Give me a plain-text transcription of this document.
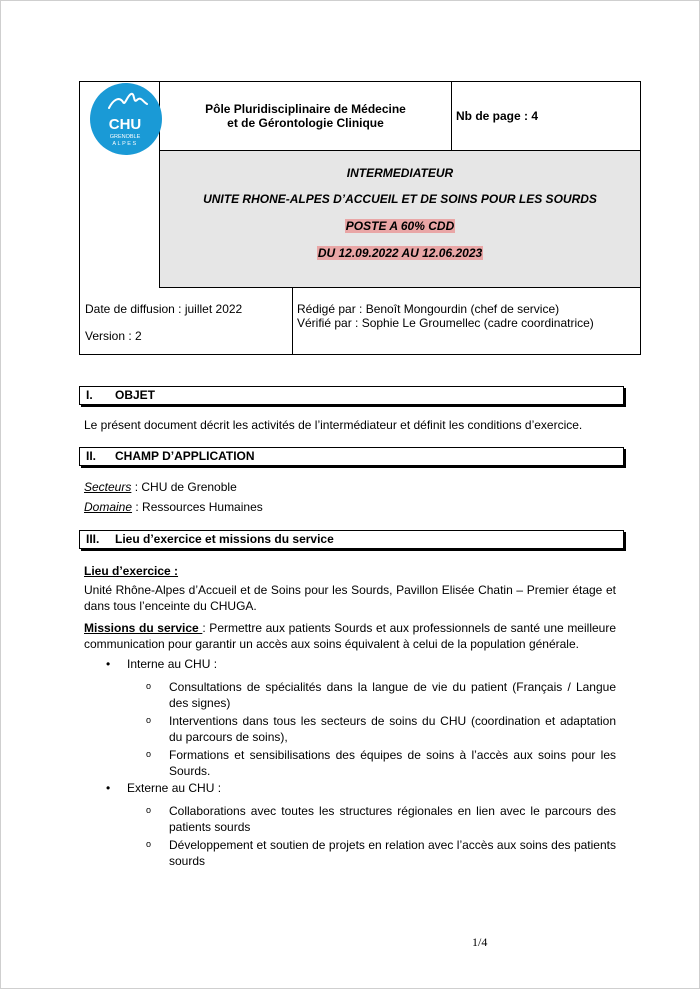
CHU
GRENOBLE
ALPES
Pôle Pluridisciplinaire de Médecine
et de Gérontologie Clinique	Nb de page : 4
INTERMEDIATEUR
UNITE RHONE-ALPES D’ACCUEIL ET DE SOINS POUR LES SOURDS
POSTE A 60% CDD
DU 12.09.2022 AU 12.06.2023
Date de diffusion : juillet 2022
Version : 2
Rédigé par : Benoît Mongourdin (chef de service)
Vérifié par : Sophie Le Groumellec (cadre coordinatrice)
I. OBJET
Le présent document décrit les activités de l’intermédiateur et définit les conditions d’exercice.
II. CHAMP D’APPLICATION
Secteurs : CHU de Grenoble
Domaine : Ressources Humaines
III. Lieu d’exercice et missions du service
Lieu d’exercice :
Unité Rhône-Alpes d’Accueil et de Soins pour les Sourds, Pavillon Elisée Chatin – Premier étage et dans tous l’enceinte du CHUGA.
Missions du service : Permettre aux patients Sourds et aux professionnels de santé une meilleure communication pour garantir un accès aux soins équivalent à celui de la population générale.
• Interne au CHU :
o Consultations de spécialités dans la langue de vie du patient (Français / Langue des signes)
o Interventions dans tous les secteurs de soins du CHU (coordination et adaptation du parcours de soins),
o Formations et sensibilisations des équipes de soins à l’accès aux soins pour les Sourds.
• Externe au CHU :
o Collaborations avec toutes les structures régionales en lien avec le parcours des patients sourds
o Développement et soutien de projets en relation avec l’accès aux soins des patients sourds
1/4
